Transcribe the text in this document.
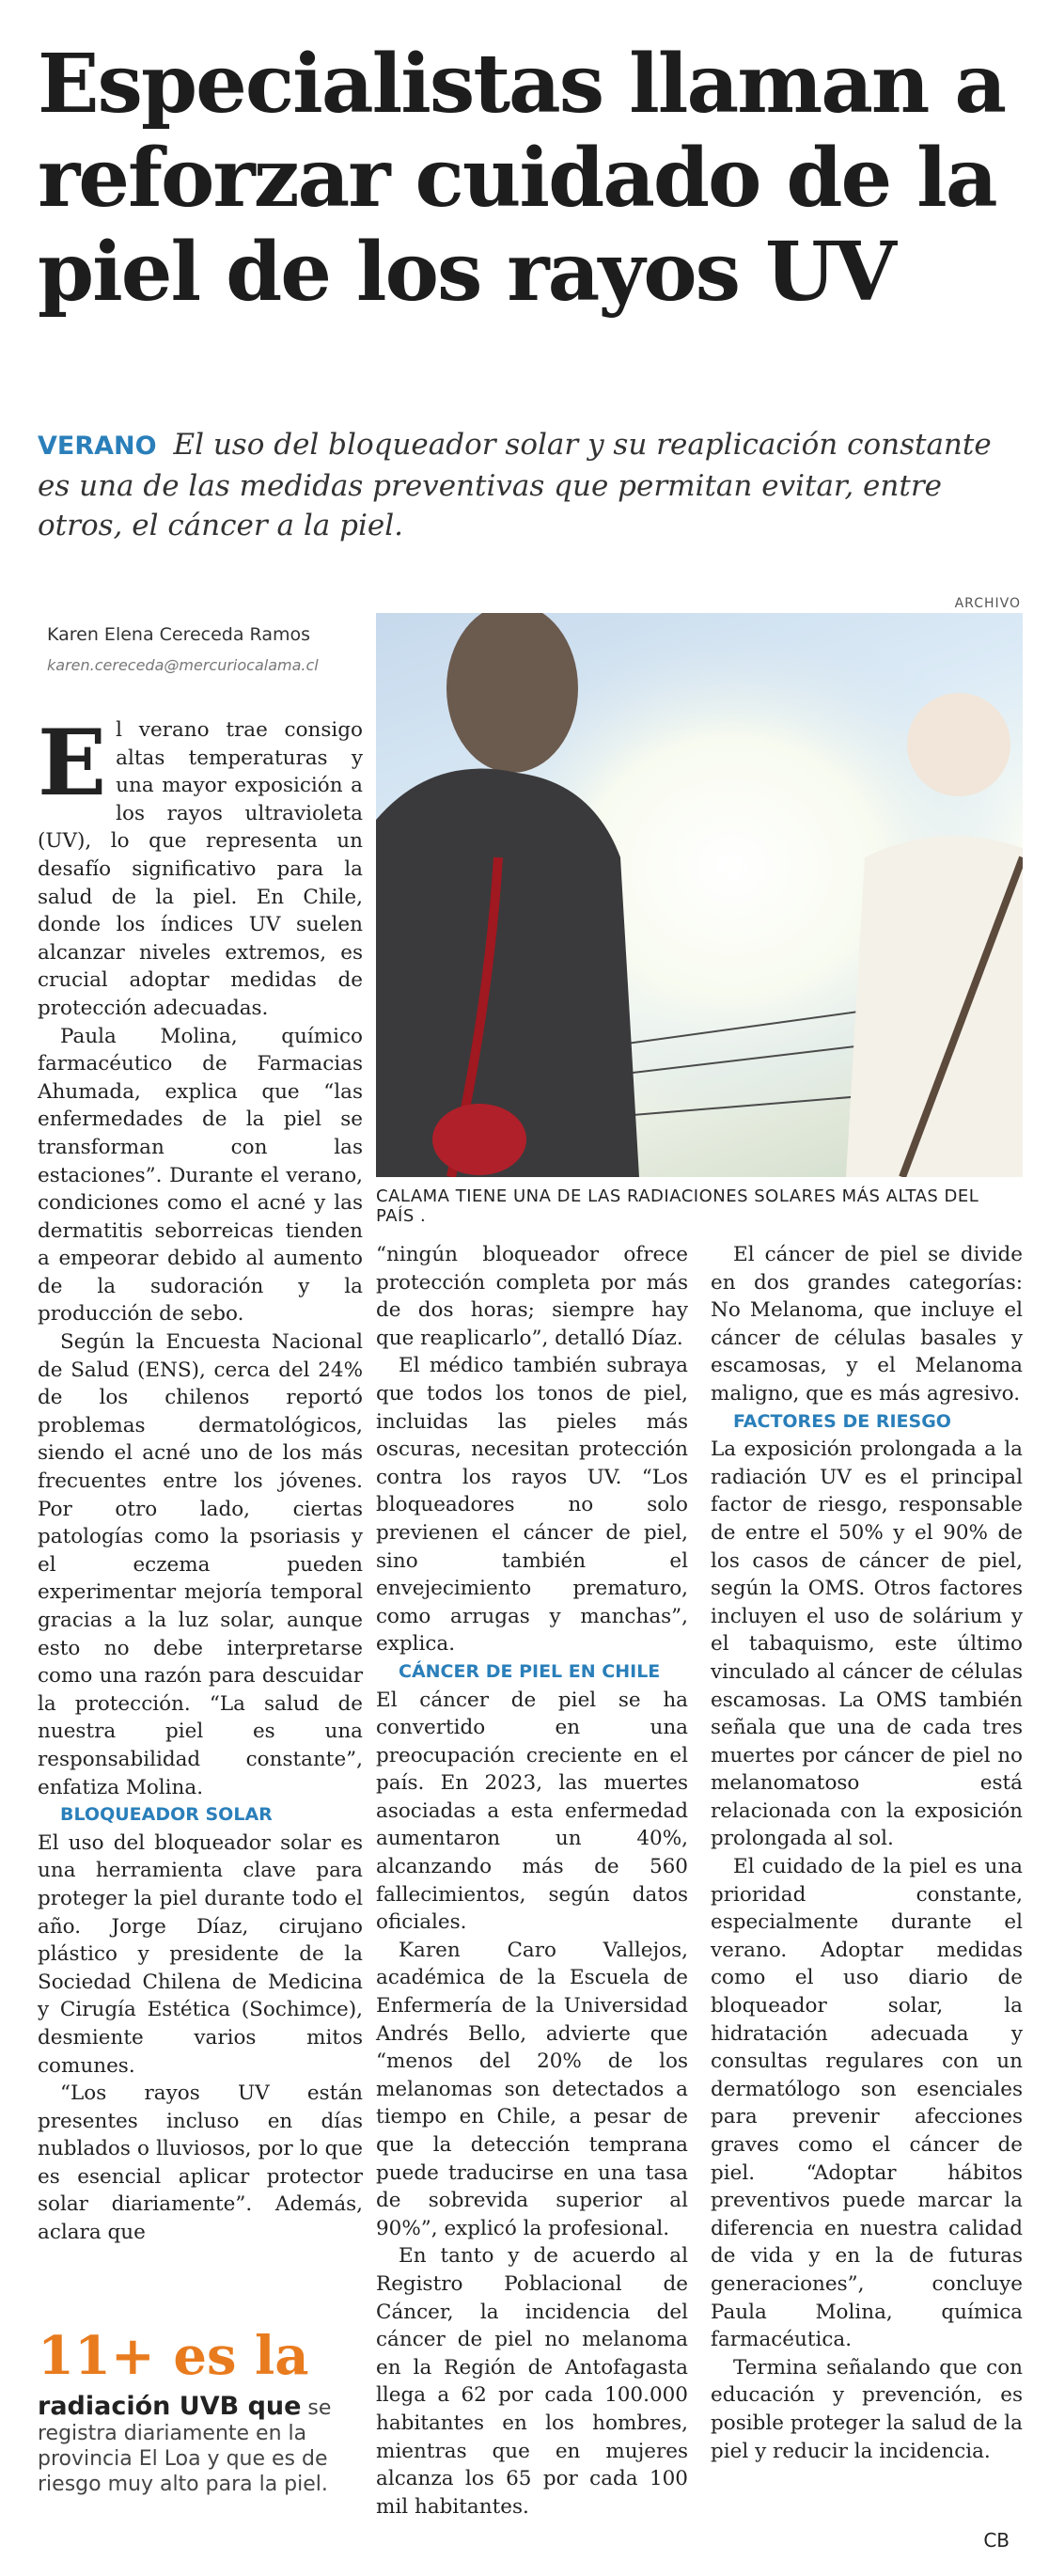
Especialistas llaman a
reforzar cuidado de la
piel de los rayos UV
VERANO El uso del bloqueador solar y su reaplicación constante es una de las medidas preventivas que permitan evitar, entre otros, el cáncer a la piel.
Karen Elena Cereceda Ramos
karen.cereceda@mercuriocalama.cl
ARCHIVO
CALAMA TIENE UNA DE LAS RADIACIONES SOLARES MÁS ALTAS DEL PAÍS .

El verano trae consigo altas temperaturas y una mayor exposición a los rayos ultravioleta (UV), lo que representa un desafío significativo para la salud de la piel. En Chile, donde los índices UV suelen alcanzar niveles extremos, es crucial adoptar medidas de protección adecuadas.

Paula Molina, químico farmacéutico de Farmacias Ahumada, explica que “las enfermedades de la piel se transforman con las estaciones”. Durante el verano, condiciones como el acné y las dermatitis seborreicas tienden a empeorar debido al aumento de la sudoración y la producción de sebo.

Según la Encuesta Nacional de Salud (ENS), cerca del 24% de los chilenos reportó problemas dermatológicos, siendo el acné uno de los más frecuentes entre los jóvenes. Por otro lado, ciertas patologías como la psoriasis y el eczema pueden experimentar mejoría temporal gracias a la luz solar, aunque esto no debe interpretarse como una razón para descuidar la protección. “La salud de nuestra piel es una responsabilidad constante”, enfatiza Molina.

BLOQUEADOR SOLAR

El uso del bloqueador solar es una herramienta clave para proteger la piel durante todo el año. Jorge Díaz, cirujano plástico y presidente de la Sociedad Chilena de Medicina y Cirugía Estética (Sochimce), desmiente varios mitos comunes.

“Los rayos UV están presentes incluso en días nublados o lluviosos, por lo que es esencial aplicar protector solar diariamente”. Además, aclara que

11+ es la
radiación UVB que se registra diariamente en la provincia El Loa y que es de riesgo muy alto para la piel.

“ningún bloqueador ofrece protección completa por más de dos horas; siempre hay que reaplicarlo”, detalló Díaz.

El médico también subraya que todos los tonos de piel, incluidas las pieles más oscuras, necesitan protección contra los rayos UV. “Los bloqueadores no solo previenen el cáncer de piel, sino también el envejecimiento prematuro, como arrugas y manchas”, explica.

CÁNCER DE PIEL EN CHILE

El cáncer de piel se ha convertido en una preocupación creciente en el país. En 2023, las muertes asociadas a esta enfermedad aumentaron un 40%, alcanzando más de 560 fallecimientos, según datos oficiales.

Karen Caro Vallejos, académica de la Escuela de Enfermería de la Universidad Andrés Bello, advierte que “menos del 20% de los melanomas son detectados a tiempo en Chile, a pesar de que la detección temprana puede traducirse en una tasa de sobrevida superior al 90%”, explicó la profesional.

En tanto y de acuerdo al Registro Poblacional de Cáncer, la incidencia del cáncer de piel no melanoma en la Región de Antofagasta llega a 62 por cada 100.000 habitantes en los hombres, mientras que en mujeres alcanza los 65 por cada 100 mil habitantes.

El cáncer de piel se divide en dos grandes categorías: No Melanoma, que incluye el cáncer de células basales y escamosas, y el Melanoma maligno, que es más agresivo.

FACTORES DE RIESGO

La exposición prolongada a la radiación UV es el principal factor de riesgo, responsable de entre el 50% y el 90% de los casos de cáncer de piel, según la OMS. Otros factores incluyen el uso de solárium y el tabaquismo, este último vinculado al cáncer de células escamosas. La OMS también señala que una de cada tres muertes por cáncer de piel no melanomatoso está relacionada con la exposición prolongada al sol.

El cuidado de la piel es una prioridad constante, especialmente durante el verano. Adoptar medidas como el uso diario de bloqueador solar, la hidratación adecuada y consultas regulares con un dermatólogo son esenciales para prevenir afecciones graves como el cáncer de piel. “Adoptar hábitos preventivos puede marcar la diferencia en nuestra calidad de vida y en la de futuras generaciones”, concluye Paula Molina, química farmacéutica.

Termina señalando que con educación y prevención, es posible proteger la salud de la piel y reducir la incidencia.

CB
